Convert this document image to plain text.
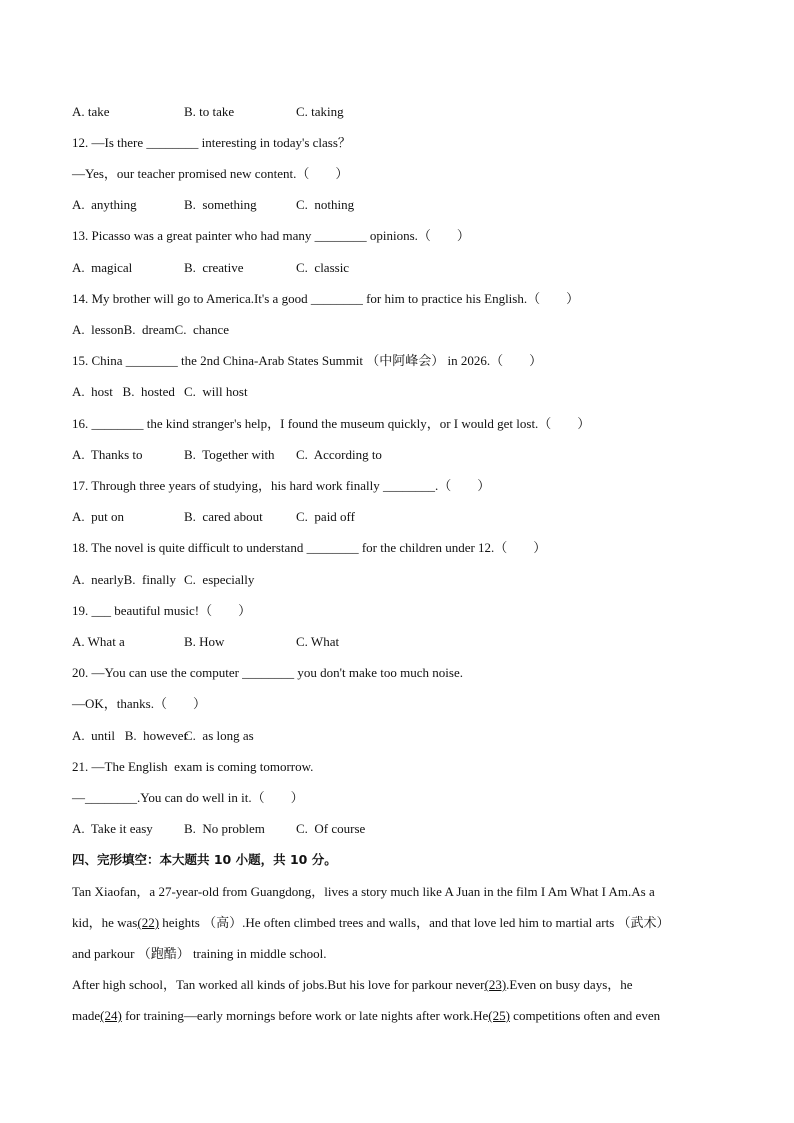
A. take	B. to take	C. taking
12. —Is there ________ interesting in today's class？
—Yes，our teacher promised new content.（        ）
A.  anything	B.  something	C.  nothing
13. Picasso was a great painter who had many ________ opinions.（        ）
A.  magical	B.  creative	C.  classic
14. My brother will go to America.It's a good ________ for him to practice his English.（        ）
A.  lessonB.  dreamC.  chance
15. China ________ the 2nd China-Arab States Summit （中阿峰会） in 2026.（        ）
A.  host   B.  hosted C.  will host
16. ________ the kind stranger's help，I found the museum quickly，or I would get lost.（        ）
A.  Thanks to	B.  Together with C.  According to
17. Through three years of studying，his hard work finally ________.（        ）
A.  put on	B.  cared about	C.  paid off
18. The novel is quite difficult to understand ________ for the children under 12.（        ）
A.  nearlyB.  finally C.  especially
19. ___ beautiful music!（        ）
A. What a	B. How	C. What
20. —You can use the computer ________ you don't make too much noise.
—OK，thanks.（        ）
A.  until   B.  however
C.  as long as
21. —The English  exam is coming tomorrow.
—________.You can do well in it.（        ）
A.  Take it easy B.  No problem C.  Of course
四、完形填空：本大题共 10 小题，共 10 分。
Tan Xiaofan，a 27-year-old from Guangdong，lives a story much like A Juan in the film I Am What I Am.As a
kid，he was(22) heights （高）.He often climbed trees and walls，and that love led him to martial arts （武术）
and parkour （跑酷） training in middle school.
After high school，Tan worked all kinds of jobs.But his love for parkour never(23).Even on busy days，he
made(24) for training—early mornings before work or late nights after work.He(25) competitions often and even
